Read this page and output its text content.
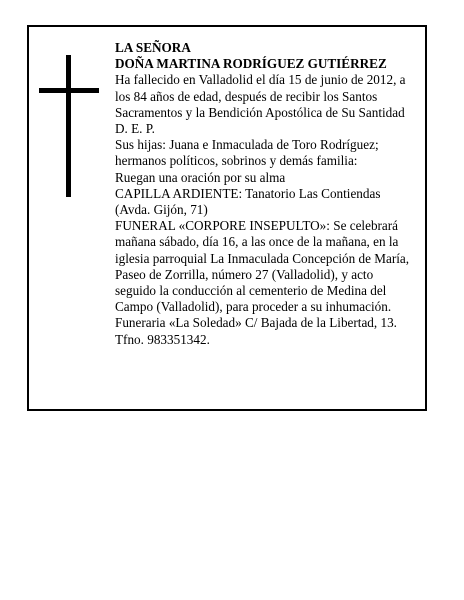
LA SEÑORA
DOÑA MARTINA RODRÍGUEZ GUTIÉRREZ
Ha fallecido en Valladolid el día 15 de junio de 2012, a
los 84 años de edad, después de recibir los Santos
Sacramentos y la Bendición Apostólica de Su Santidad
D. E. P.
Sus hijas: Juana e Inmaculada de Toro Rodríguez;
hermanos políticos, sobrinos y demás familia:
Ruegan una oración por su alma
CAPILLA ARDIENTE: Tanatorio Las Contiendas
(Avda. Gijón, 71)
FUNERAL «CORPORE INSEPULTO»: Se celebrará
mañana sábado, día 16, a las once de la mañana, en la
iglesia parroquial La Inmaculada Concepción de María,
Paseo de Zorrilla, número 27 (Valladolid), y acto
seguido la conducción al cementerio de Medina del
Campo (Valladolid), para proceder a su inhumación.
Funeraria «La Soledad» C/ Bajada de la Libertad, 13.
Tfno. 983351342.
